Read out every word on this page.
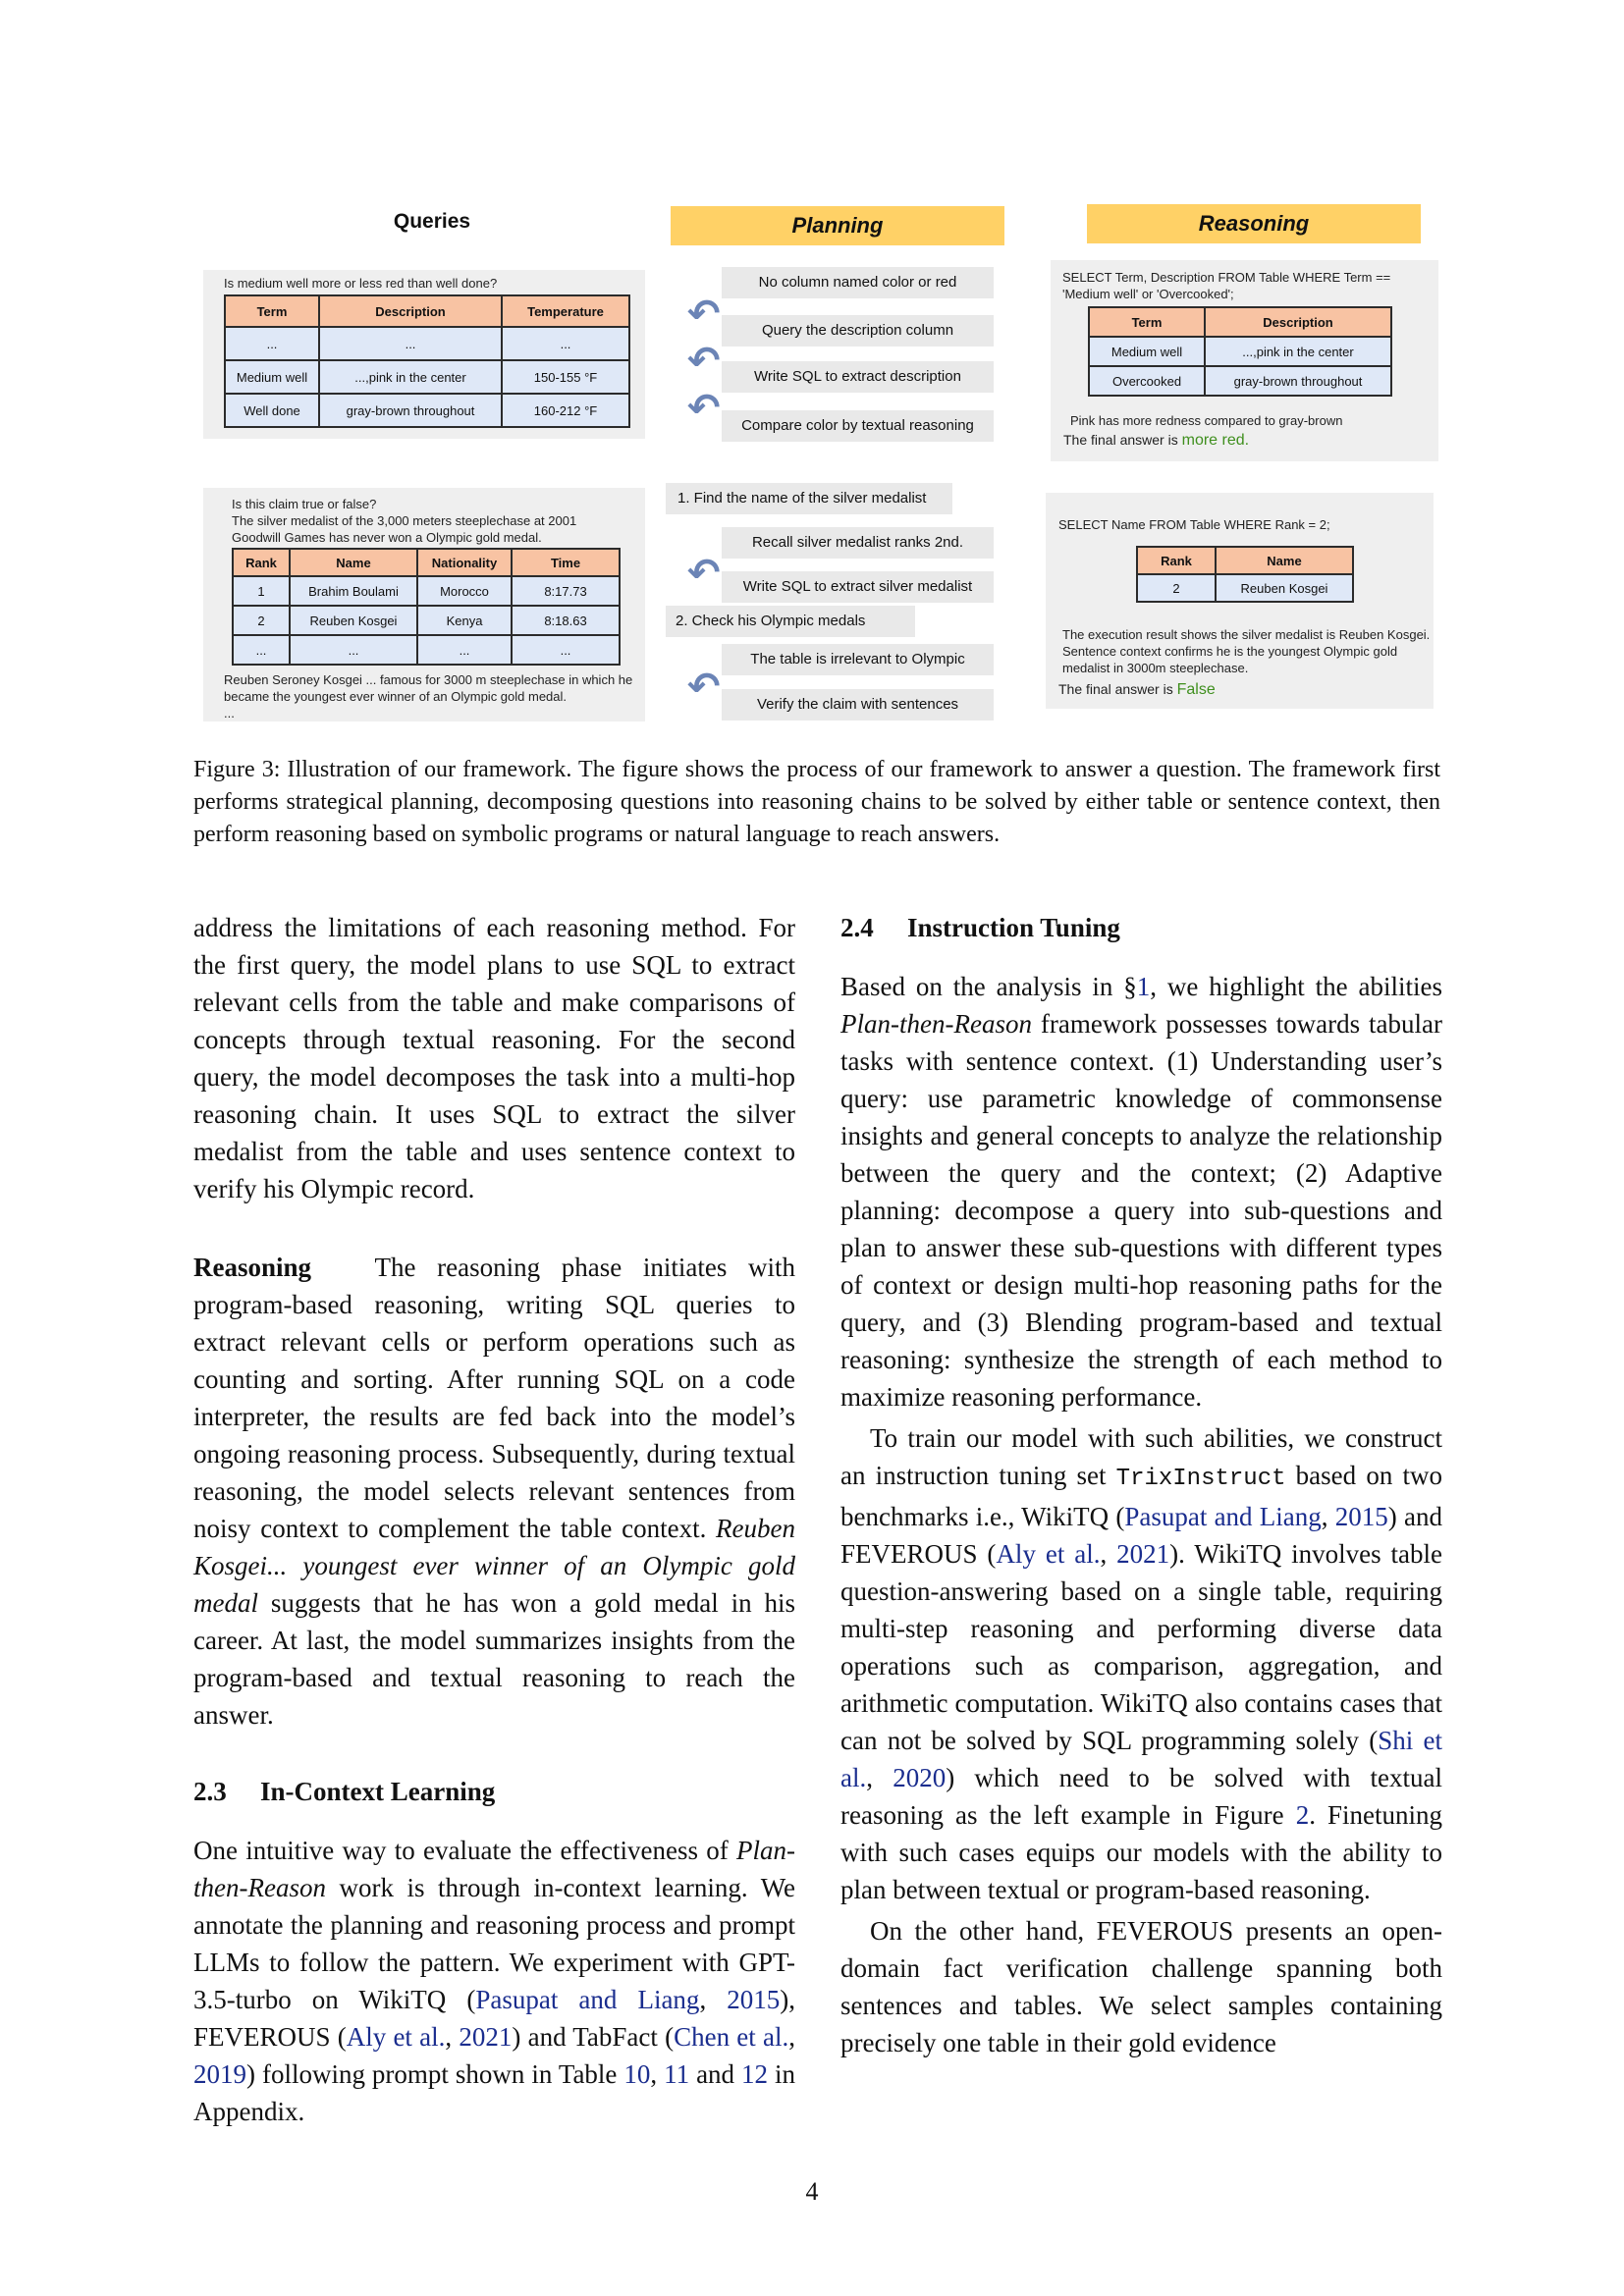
Queries	Planning	Reasoning

Is medium well more or less red than well done?

Term	Description	Temperature
...	...	...
Medium well	...,pink in the center	150-155 °F
Well done	gray-brown throughout	160-212 °F
No column named color or red
↶	Query the description column
↶	Write SQL to extract description
↶	Compare color by textual reasoning

SELECT Term, Description FROM Table WHERE Term ==

'Medium well' or 'Overcooked';

Term	Description
Medium well	...,pink in the center
Overcooked	gray-brown throughout

Pink has more redness compared to gray-brown

The final answer is more red.

Is this claim true or false?

The silver medalist of the 3,000 meters steeplechase at 2001

Goodwill Games has never won a Olympic gold medal.

Rank	Name	Nationality	Time
1	Brahim Boulami	Morocco	8:17.73
2	Reuben Kosgei	Kenya	8:18.63
...	...	...	...

Reuben Seroney Kosgei ... famous for 3000 m steeplechase in which he

became the youngest ever winner of an Olympic gold medal.

...

1. Find the name of the silver medalist
Recall silver medalist ranks 2nd.
↶	Write SQL to extract silver medalist
2. Check his Olympic medals
The table is irrelevant to Olympic
↶	Verify the claim with sentences

SELECT Name FROM Table WHERE Rank = 2;

Rank	Name
2	Reuben Kosgei

The execution result shows the silver medalist is Reuben Kosgei.

Sentence context confirms he is the youngest Olympic gold

medalist in 3000m steeplechase.

The final answer is False

Figure 3: Illustration of our framework. The figure shows the process of our framework to answer a question. The framework first performs strategical planning, decomposing questions into reasoning chains to be solved by either table or sentence context, then perform reasoning based on symbolic programs or natural language to reach answers.

address the limitations of each reasoning method. For the first query, the model plans to use SQL to extract relevant cells from the table and make comparisons of concepts through textual reasoning. For the second query, the model decomposes the task into a multi-hop reasoning chain. It uses SQL to extract the silver medalist from the table and uses sentence context to verify his Olympic record.

Reasoning The reasoning phase initiates with program-based reasoning, writing SQL queries to extract relevant cells or perform operations such as counting and sorting. After running SQL on a code interpreter, the results are fed back into the model’s ongoing reasoning process. Subsequently, during textual reasoning, the model selects relevant sentences from noisy context to complement the table context. Reuben Kosgei... youngest ever winner of an Olympic gold medal suggests that he has won a gold medal in his career. At last, the model summarizes insights from the program-based and textual reasoning to reach the answer.

2.3 In-Context Learning

One intuitive way to evaluate the effectiveness of Plan-then-Reason work is through in-context learning. We annotate the planning and reasoning process and prompt LLMs to follow the pattern. We experiment with GPT-3.5-turbo on WikiTQ (Pasupat and Liang, 2015), FEVEROUS (Aly et al., 2021) and TabFact (Chen et al., 2019) following prompt shown in Table 10, 11 and 12 in Appendix.

2.4 Instruction Tuning

Based on the analysis in §1, we highlight the abilities Plan-then-Reason framework possesses towards tabular tasks with sentence context. (1) Understanding user’s query: use parametric knowledge of commonsense insights and general concepts to analyze the relationship between the query and the context; (2) Adaptive planning: decompose a query into sub-questions and plan to answer these sub-questions with different types of context or design multi-hop reasoning paths for the query, and (3) Blending program-based and textual reasoning: synthesize the strength of each method to maximize reasoning performance.

To train our model with such abilities, we construct an instruction tuning set TrixInstruct based on two benchmarks i.e., WikiTQ (Pasupat and Liang, 2015) and FEVEROUS (Aly et al., 2021). WikiTQ involves table question-answering based on a single table, requiring multi-step reasoning and performing diverse data operations such as comparison, aggregation, and arithmetic computation. WikiTQ also contains cases that can not be solved by SQL programming solely (Shi et al., 2020) which need to be solved with textual reasoning as the left example in Figure 2. Finetuning with such cases equips our models with the ability to plan between textual or program-based reasoning.

On the other hand, FEVEROUS presents an open-domain fact verification challenge spanning both sentences and tables. We select samples containing precisely one table in their gold evidence

4
